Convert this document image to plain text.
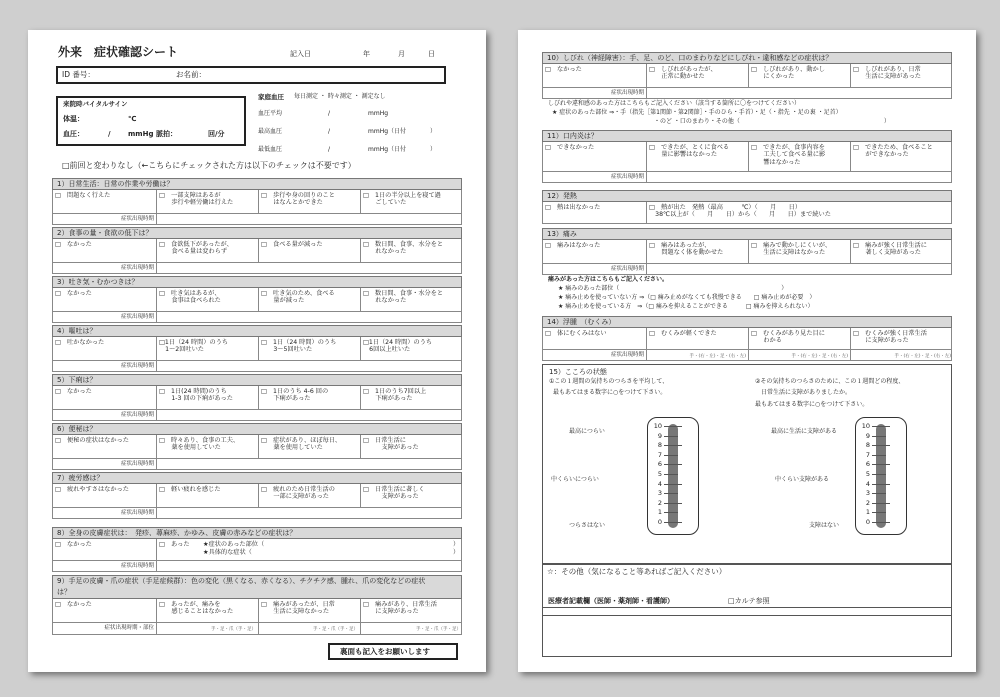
外来　症状確認シート	記入日	年	月	日
ID 番号：	お名前：
来院時バイタルサイン
体温：	℃
血圧：	/ mmHg 脈拍：	回/分
家庭血圧 毎日測定 ・ 時々測定 ・ 測定なし
血圧平均	/	mmHg
最高血圧	/	mmHg（日付　　　　）
最低血圧	/	mmHg（日付　　　　）
□前回と変わりなし（←こちらにチェックされた方は以下のチェックは不要です）
8）全身の皮膚症状は：　発疹、蕁麻疹、かゆみ、皮膚の赤みなどの症状は？
□　なかった	□　あった ★症状のあった部位（
★具体的な症状（
）
）
症状出現時期
9）手足の皮膚・爪の症状（手足症候群）：色の変化（黒くなる、赤くなる）、チクチク感、腫れ、爪の変化などの症状
は？
□　なかった	□　あったが、痛みを
　　感じることはなかった
□　痛みがあったが、日常
　　生活に支障なかった
□　痛みがあり、日常生活
　　に支障があった
症状出現時期・部位	手・足・爪（手・足）	手・足・爪（手・足）	手・足・爪（手・足）
裏面も記入をお願いします
1）日常生活：日常の作業や労働は？
□　問題なく行えた	□　一部支障はあるが
　　歩行や軽労働は行えた
□　歩行や身の回りのこと
　　はなんとかできた
□　1日の半分以上を寝て過
　　ごしていた
症状出現時期
2）食事の量・食欲の低下は？
□　なかった	□　食欲低下があったが、
　　食べる量は変わらず
□　食べる量が減った	□　数日間、食事、水分をと
　　れなかった
症状出現時期
3）吐き気・むかつきは？
□　なかった	□　吐き気はあるが、
　　食事は食べられた
□　吐き気のため、食べる
　　量が減った
□　数日間、食事・水分をと
　　れなかった
症状出現時期
4）嘔吐は？
□　吐かなかった	□1日（24 時間）のうち
　1～2回吐いた
□　1日（24 時間）のうち
　　3～5回吐いた
□1日（24 時間）のうち
　6回以上吐いた
症状出現時期
5）下痢は？
□　なかった	□　1日(24 時間)のうち
　　1-3 回の下痢があった
□　1日のうち 4-6 回の
　　下痢があった
□　1日のうち7回以上
　　下痢があった
症状出現時期
6）便秘は？
□　便秘の症状はなかった	□　時々あり、食事の工夫、
　　薬を使用していた
□　症状があり、ほぼ毎日、
　　薬を使用していた
□　日常生活に
　　　支障があった
症状出現時期
7）疲労感は？
□　疲れやすさはなかった	□　軽い疲れを感じた	□　疲れのため日常生活の
　　一部に支障があった
□　日常生活に著しく
　　　支障があった
症状出現時期
10）しびれ（神経障害）：手、足、のど、口のまわりなどにしびれ・違和感などの症状は？
□　なかった	□　しびれがあったが、
　　正常に動かせた
□　しびれがあり、動かし
　　にくかった
□　しびれがあり、日常
　　生活に支障があった
症状出現時期
しびれや違和感のあった方はこちらもご記入ください（該当する箇所に〇をつけてください）
★ 症状のあった部位 ⇒・手（指先［第1関節・第2関節］・手のひら・手首）・足（・指先 ・足の裏 ・足首）
・のど ・口のまわり・その他（　　　　　　　　　　　　　　　　　　　　　　　　）
11）口内炎は？
□　できなかった	□　できたが、とくに食べる
　　量に影響はなかった
□　できたが、食事内容を
　　工夫して食べる量に影
　　響はなかった
□　できたため、食べること
　　ができなかった
症状出現時期
12）発熱
□　熱は出なかった	□　熱が出た　発熱（最高　　　℃）（　　月　　日）
　38℃以上が（　　月　　日）から（　　月　　日）まで続いた
13）痛み
□　痛みはなかった	□　痛みはあったが、
　　問題なく体を動かせた
□　痛みで動かしにくいが、
　　生活に支障はなかった
□　痛みが強く日常生活に
　　著しく支障があった
症状出現時期
痛みがあった方はこちらもご記入ください。
★ 痛みのあった部位（　　　　　　　　　　　　　　　　　　　　　　　　　　　）
★ 痛み止めを使っていない方 ⇒（□ 痛み止めがなくても我慢できる　　□ 痛み止めが必要　）
★ 痛み止めを使っている方　⇒（□ 痛みを抑えることができる　　　□ 痛みを抑えられない）
14）浮腫　（むくみ）
□　体にむくみはない	□　むくみが軽くできた	□　むくみがあり見た目に
　　わかる
□　むくみが強く日常生活
　　に支障があった
症状出現時期	手・(右・左)・足・(右・左)	手・(右・左)・足・(右・左)	手・(右・左)・足・(右・左)
15）こころの状態
①この１週間の気持ちのつらさを平均して、
最もあてはまる数字に○をつけて下さい。
②その気持ちのつらさのために、この１週間どの程度、
日常生活に支障がありましたか。
最もあてはまる数字に○をつけて下さい。
最高につらい
中くらいにつらい
つらさはない
10
9
8
7
6
5
4
3
2
1
0
最高に生活に支障がある
中くらい支障がある
支障はない
10
9
8
7
6
5
4
3
2
1
0
☆：その他（気になること等あればご記入ください）
医療者記載欄（医師・薬剤師・看護師）	□カルテ参照
